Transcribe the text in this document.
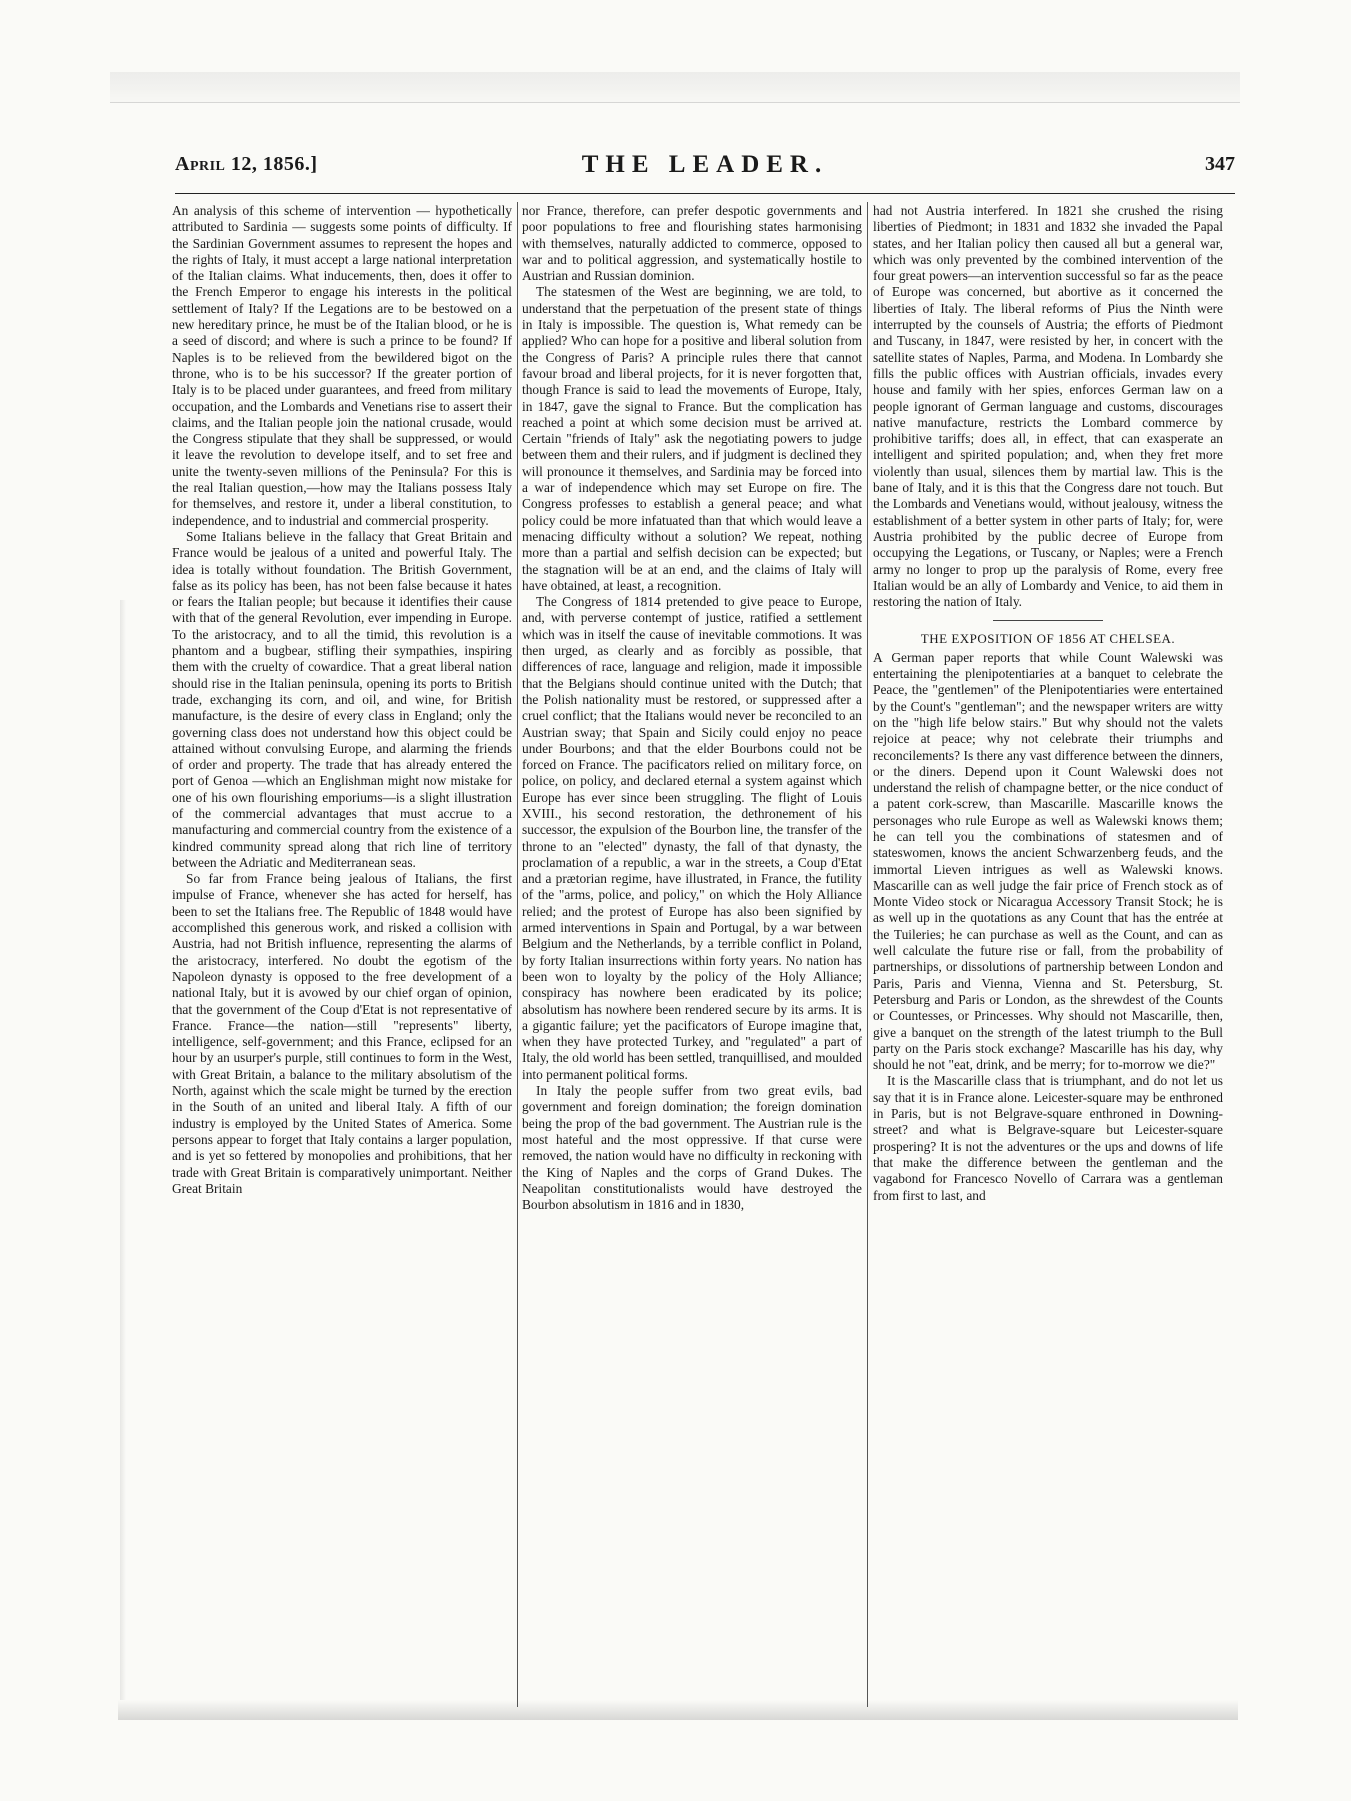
April 12, 1856.]	THE LEADER.	347

An analysis of this scheme of intervention — hypothetically attributed to Sardinia — suggests some points of difficulty. If the Sardinian Government assumes to represent the hopes and the rights of Italy, it must accept a large national interpretation of the Italian claims. What inducements, then, does it offer to the French Emperor to engage his interests in the political settlement of Italy? If the Legations are to be bestowed on a new hereditary prince, he must be of the Italian blood, or he is a seed of discord; and where is such a prince to be found? If Naples is to be relieved from the bewildered bigot on the throne, who is to be his successor? If the greater portion of Italy is to be placed under guarantees, and freed from military occupation, and the Lombards and Venetians rise to assert their claims, and the Italian people join the national crusade, would the Congress stipulate that they shall be suppressed, or would it leave the revolution to develope itself, and to set free and unite the twenty-seven millions of the Peninsula? For this is the real Italian question,—how may the Italians possess Italy for themselves, and restore it, under a liberal constitution, to independence, and to industrial and commercial prosperity.

Some Italians believe in the fallacy that Great Britain and France would be jealous of a united and powerful Italy. The idea is totally without foundation. The British Government, false as its policy has been, has not been false because it hates or fears the Italian people; but because it identifies their cause with that of the general Revolution, ever impending in Europe. To the aristocracy, and to all the timid, this revolution is a phantom and a bugbear, stifling their sympathies, inspiring them with the cruelty of cowardice. That a great liberal nation should rise in the Italian peninsula, opening its ports to British trade, exchanging its corn, and oil, and wine, for British manufacture, is the desire of every class in England; only the governing class does not understand how this object could be attained without convulsing Europe, and alarming the friends of order and property. The trade that has already entered the port of Genoa —which an Englishman might now mistake for one of his own flourishing emporiums—is a slight illustration of the commercial advantages that must accrue to a manufacturing and commercial country from the existence of a kindred community spread along that rich line of territory between the Adriatic and Mediterranean seas.

So far from France being jealous of Italians, the first impulse of France, whenever she has acted for herself, has been to set the Italians free. The Republic of 1848 would have accomplished this generous work, and risked a collision with Austria, had not British influence, representing the alarms of the aristocracy, interfered. No doubt the egotism of the Napoleon dynasty is opposed to the free development of a national Italy, but it is avowed by our chief organ of opinion, that the government of the Coup d'Etat is not representative of France. France—the nation—still "represents" liberty, intelligence, self-government; and this France, eclipsed for an hour by an usurper's purple, still continues to form in the West, with Great Britain, a balance to the military absolutism of the North, against which the scale might be turned by the erection in the South of an united and liberal Italy. A fifth of our industry is employed by the United States of America. Some persons appear to forget that Italy contains a larger population, and is yet so fettered by monopolies and prohibitions, that her trade with Great Britain is comparatively unimportant. Neither Great Britain

nor France, therefore, can prefer despotic governments and poor populations to free and flourishing states harmonising with themselves, naturally addicted to commerce, opposed to war and to political aggression, and systematically hostile to Austrian and Russian dominion.

The statesmen of the West are beginning, we are told, to understand that the perpetuation of the present state of things in Italy is impossible. The question is, What remedy can be applied? Who can hope for a positive and liberal solution from the Congress of Paris? A principle rules there that cannot favour broad and liberal projects, for it is never forgotten that, though France is said to lead the movements of Europe, Italy, in 1847, gave the signal to France. But the complication has reached a point at which some decision must be arrived at. Certain "friends of Italy" ask the negotiating powers to judge between them and their rulers, and if judgment is declined they will pronounce it themselves, and Sardinia may be forced into a war of independence which may set Europe on fire. The Congress professes to establish a general peace; and what policy could be more infatuated than that which would leave a menacing difficulty without a solution? We repeat, nothing more than a partial and selfish decision can be expected; but the stagnation will be at an end, and the claims of Italy will have obtained, at least, a recognition.

The Congress of 1814 pretended to give peace to Europe, and, with perverse contempt of justice, ratified a settlement which was in itself the cause of inevitable commotions. It was then urged, as clearly and as forcibly as possible, that differences of race, language and religion, made it impossible that the Belgians should continue united with the Dutch; that the Polish nationality must be restored, or suppressed after a cruel conflict; that the Italians would never be reconciled to an Austrian sway; that Spain and Sicily could enjoy no peace under Bourbons; and that the elder Bourbons could not be forced on France. The pacificators relied on military force, on police, on policy, and declared eternal a system against which Europe has ever since been struggling. The flight of Louis XVIII., his second restoration, the dethronement of his successor, the expulsion of the Bourbon line, the transfer of the throne to an "elected" dynasty, the fall of that dynasty, the proclamation of a republic, a war in the streets, a Coup d'Etat and a prætorian regime, have illustrated, in France, the futility of the "arms, police, and policy," on which the Holy Alliance relied; and the protest of Europe has also been signified by armed interventions in Spain and Portugal, by a war between Belgium and the Netherlands, by a terrible conflict in Poland, by forty Italian insurrections within forty years. No nation has been won to loyalty by the policy of the Holy Alliance; conspiracy has nowhere been eradicated by its police; absolutism has nowhere been rendered secure by its arms. It is a gigantic failure; yet the pacificators of Europe imagine that, when they have protected Turkey, and "regulated" a part of Italy, the old world has been settled, tranquillised, and moulded into permanent political forms.

In Italy the people suffer from two great evils, bad government and foreign domination; the foreign domination being the prop of the bad government. The Austrian rule is the most hateful and the most oppressive. If that curse were removed, the nation would have no difficulty in reckoning with the King of Naples and the corps of Grand Dukes. The Neapolitan constitutionalists would have destroyed the Bourbon absolutism in 1816 and in 1830,

had not Austria interfered. In 1821 she crushed the rising liberties of Piedmont; in 1831 and 1832 she invaded the Papal states, and her Italian policy then caused all but a general war, which was only prevented by the combined intervention of the four great powers—an intervention successful so far as the peace of Europe was concerned, but abortive as it concerned the liberties of Italy. The liberal reforms of Pius the Ninth were interrupted by the counsels of Austria; the efforts of Piedmont and Tuscany, in 1847, were resisted by her, in concert with the satellite states of Naples, Parma, and Modena. In Lombardy she fills the public offices with Austrian officials, invades every house and family with her spies, enforces German law on a people ignorant of German language and customs, discourages native manufacture, restricts the Lombard commerce by prohibitive tariffs; does all, in effect, that can exasperate an intelligent and spirited population; and, when they fret more violently than usual, silences them by martial law. This is the bane of Italy, and it is this that the Congress dare not touch. But the Lombards and Venetians would, without jealousy, witness the establishment of a better system in other parts of Italy; for, were Austria prohibited by the public decree of Europe from occupying the Legations, or Tuscany, or Naples; were a French army no longer to prop up the paralysis of Rome, every free Italian would be an ally of Lombardy and Venice, to aid them in restoring the nation of Italy.

THE EXPOSITION OF 1856 AT CHELSEA.

A German paper reports that while Count Walewski was entertaining the plenipotentiaries at a banquet to celebrate the Peace, the "gentlemen" of the Plenipotentiaries were entertained by the Count's "gentleman"; and the newspaper writers are witty on the "high life below stairs." But why should not the valets rejoice at peace; why not celebrate their triumphs and reconcilements? Is there any vast difference between the dinners, or the diners. Depend upon it Count Walewski does not understand the relish of champagne better, or the nice conduct of a patent cork-screw, than Mascarille. Mascarille knows the personages who rule Europe as well as Walewski knows them; he can tell you the combinations of statesmen and of stateswomen, knows the ancient Schwarzenberg feuds, and the immortal Lieven intrigues as well as Walewski knows. Mascarille can as well judge the fair price of French stock as of Monte Video stock or Nicaragua Accessory Transit Stock; he is as well up in the quotations as any Count that has the entrée at the Tuileries; he can purchase as well as the Count, and can as well calculate the future rise or fall, from the probability of partnerships, or dissolutions of partnership between London and Paris, Paris and Vienna, Vienna and St. Petersburg, St. Petersburg and Paris or London, as the shrewdest of the Counts or Countesses, or Princesses. Why should not Mascarille, then, give a banquet on the strength of the latest triumph to the Bull party on the Paris stock exchange? Mascarille has his day, why should he not "eat, drink, and be merry; for to-morrow we die?"

It is the Mascarille class that is triumphant, and do not let us say that it is in France alone. Leicester-square may be enthroned in Paris, but is not Belgrave-square enthroned in Downing-street? and what is Belgrave-square but Leicester-square prospering? It is not the adventures or the ups and downs of life that make the difference between the gentleman and the vagabond for Francesco Novello of Carrara was a gentleman from first to last, and
